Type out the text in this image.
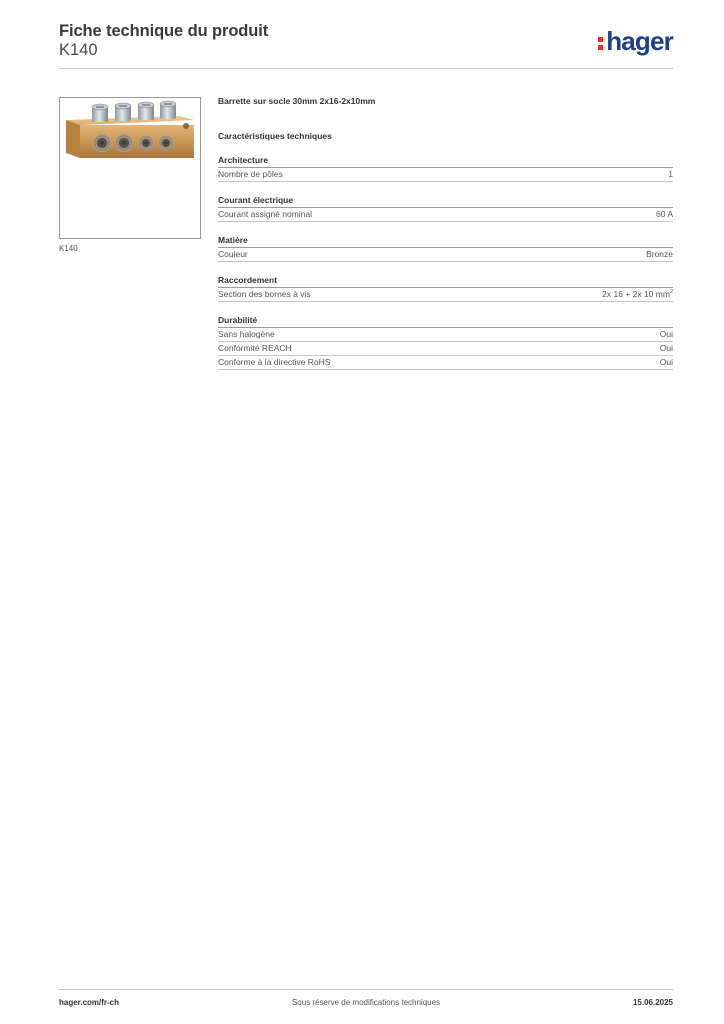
Fiche technique du produit
K140	hager
K140
Barrette sur socle 30mm 2x16-2x10mm
Caractéristiques techniques
Architecture
Nombre de pôles	1
Courant électrique
Courant assigné nominal	60 A
Matière
Couleur	Bronze
Raccordement
Section des bornes à vis	2x 16 + 2x 10 $mm^2$
Durabilité
Sans halogène	Oui
Conformité REACH	Oui
Conforme à la directive RoHS	Oui
hager.com/fr-ch	Sous réserve de modifications techniques	15.06.2025
